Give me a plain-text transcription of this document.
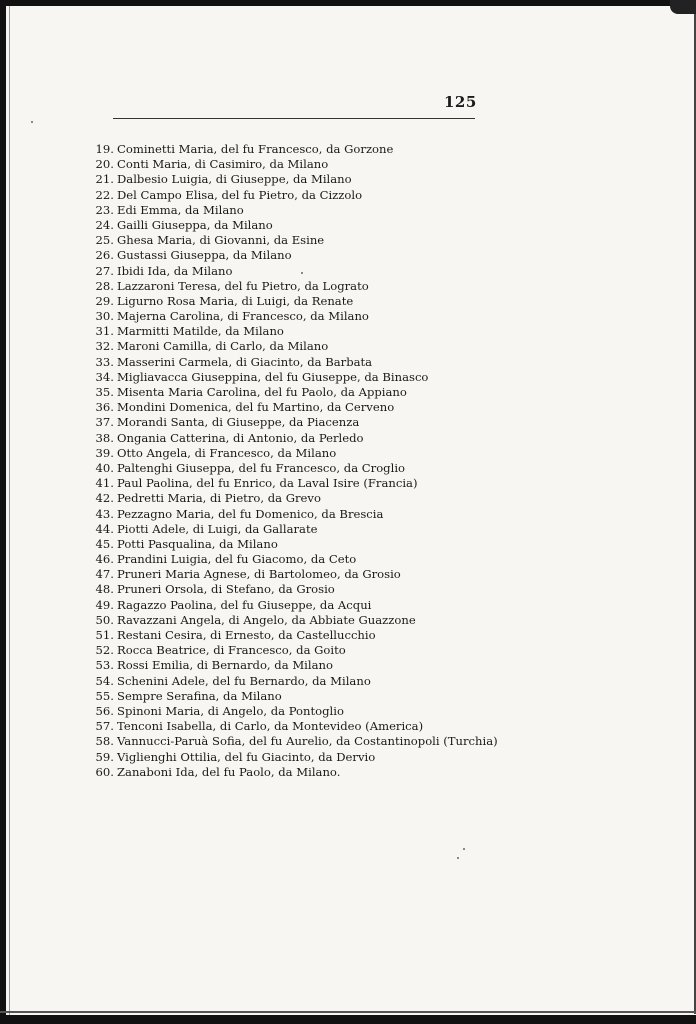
125
19. Cominetti Maria, del fu Francesco, da Gorzone
20. Conti Maria, di Casimiro, da Milano
21. Dalbesio Luigia, di Giuseppe, da Milano
22. Del Campo Elisa, del fu Pietro, da Cizzolo
23. Edi Emma, da Milano
24. Gailli Giuseppa, da Milano
25. Ghesa Maria, di Giovanni, da Esine
26. Gustassi Giuseppa, da Milano
27. Ibidi Ida, da Milano
28. Lazzaroni Teresa, del fu Pietro, da Lograto
29. Ligurno Rosa Maria, di Luigi, da Renate
30. Majerna Carolina, di Francesco, da Milano
31. Marmitti Matilde, da Milano
32. Maroni Camilla, di Carlo, da Milano
33. Masserini Carmela, di Giacinto, da Barbata
34. Migliavacca Giuseppina, del fu Giuseppe, da Binasco
35. Misenta Maria Carolina, del fu Paolo, da Appiano
36. Mondini Domenica, del fu Martino, da Cerveno
37. Morandi Santa, di Giuseppe, da Piacenza
38. Ongania Catterina, di Antonio, da Perledo
39. Otto Angela, di Francesco, da Milano
40. Paltenghi Giuseppa, del fu Francesco, da Croglio
41. Paul Paolina, del fu Enrico, da Laval Isire (Francia)
42. Pedretti Maria, di Pietro, da Grevo
43. Pezzagno Maria, del fu Domenico, da Brescia
44. Piotti Adele, di Luigi, da Gallarate
45. Potti Pasqualina, da Milano
46. Prandini Luigia, del fu Giacomo, da Ceto
47. Pruneri Maria Agnese, di Bartolomeo, da Grosio
48. Pruneri Orsola, di Stefano, da Grosio
49. Ragazzo Paolina, del fu Giuseppe, da Acqui
50. Ravazzani Angela, di Angelo, da Abbiate Guazzone
51. Restani Cesira, di Ernesto, da Castellucchio
52. Rocca Beatrice, di Francesco, da Goito
53. Rossi Emilia, di Bernardo, da Milano
54. Schenini Adele, del fu Bernardo, da Milano
55. Sempre Serafina, da Milano
56. Spinoni Maria, di Angelo, da Pontoglio
57. Tenconi Isabella, di Carlo, da Montevideo (America)
58. Vannucci-Paruà Sofia, del fu Aurelio, da Costantinopoli (Turchia)
59. Viglienghi Ottilia, del fu Giacinto, da Dervio
60. Zanaboni Ida, del fu Paolo, da Milano.
